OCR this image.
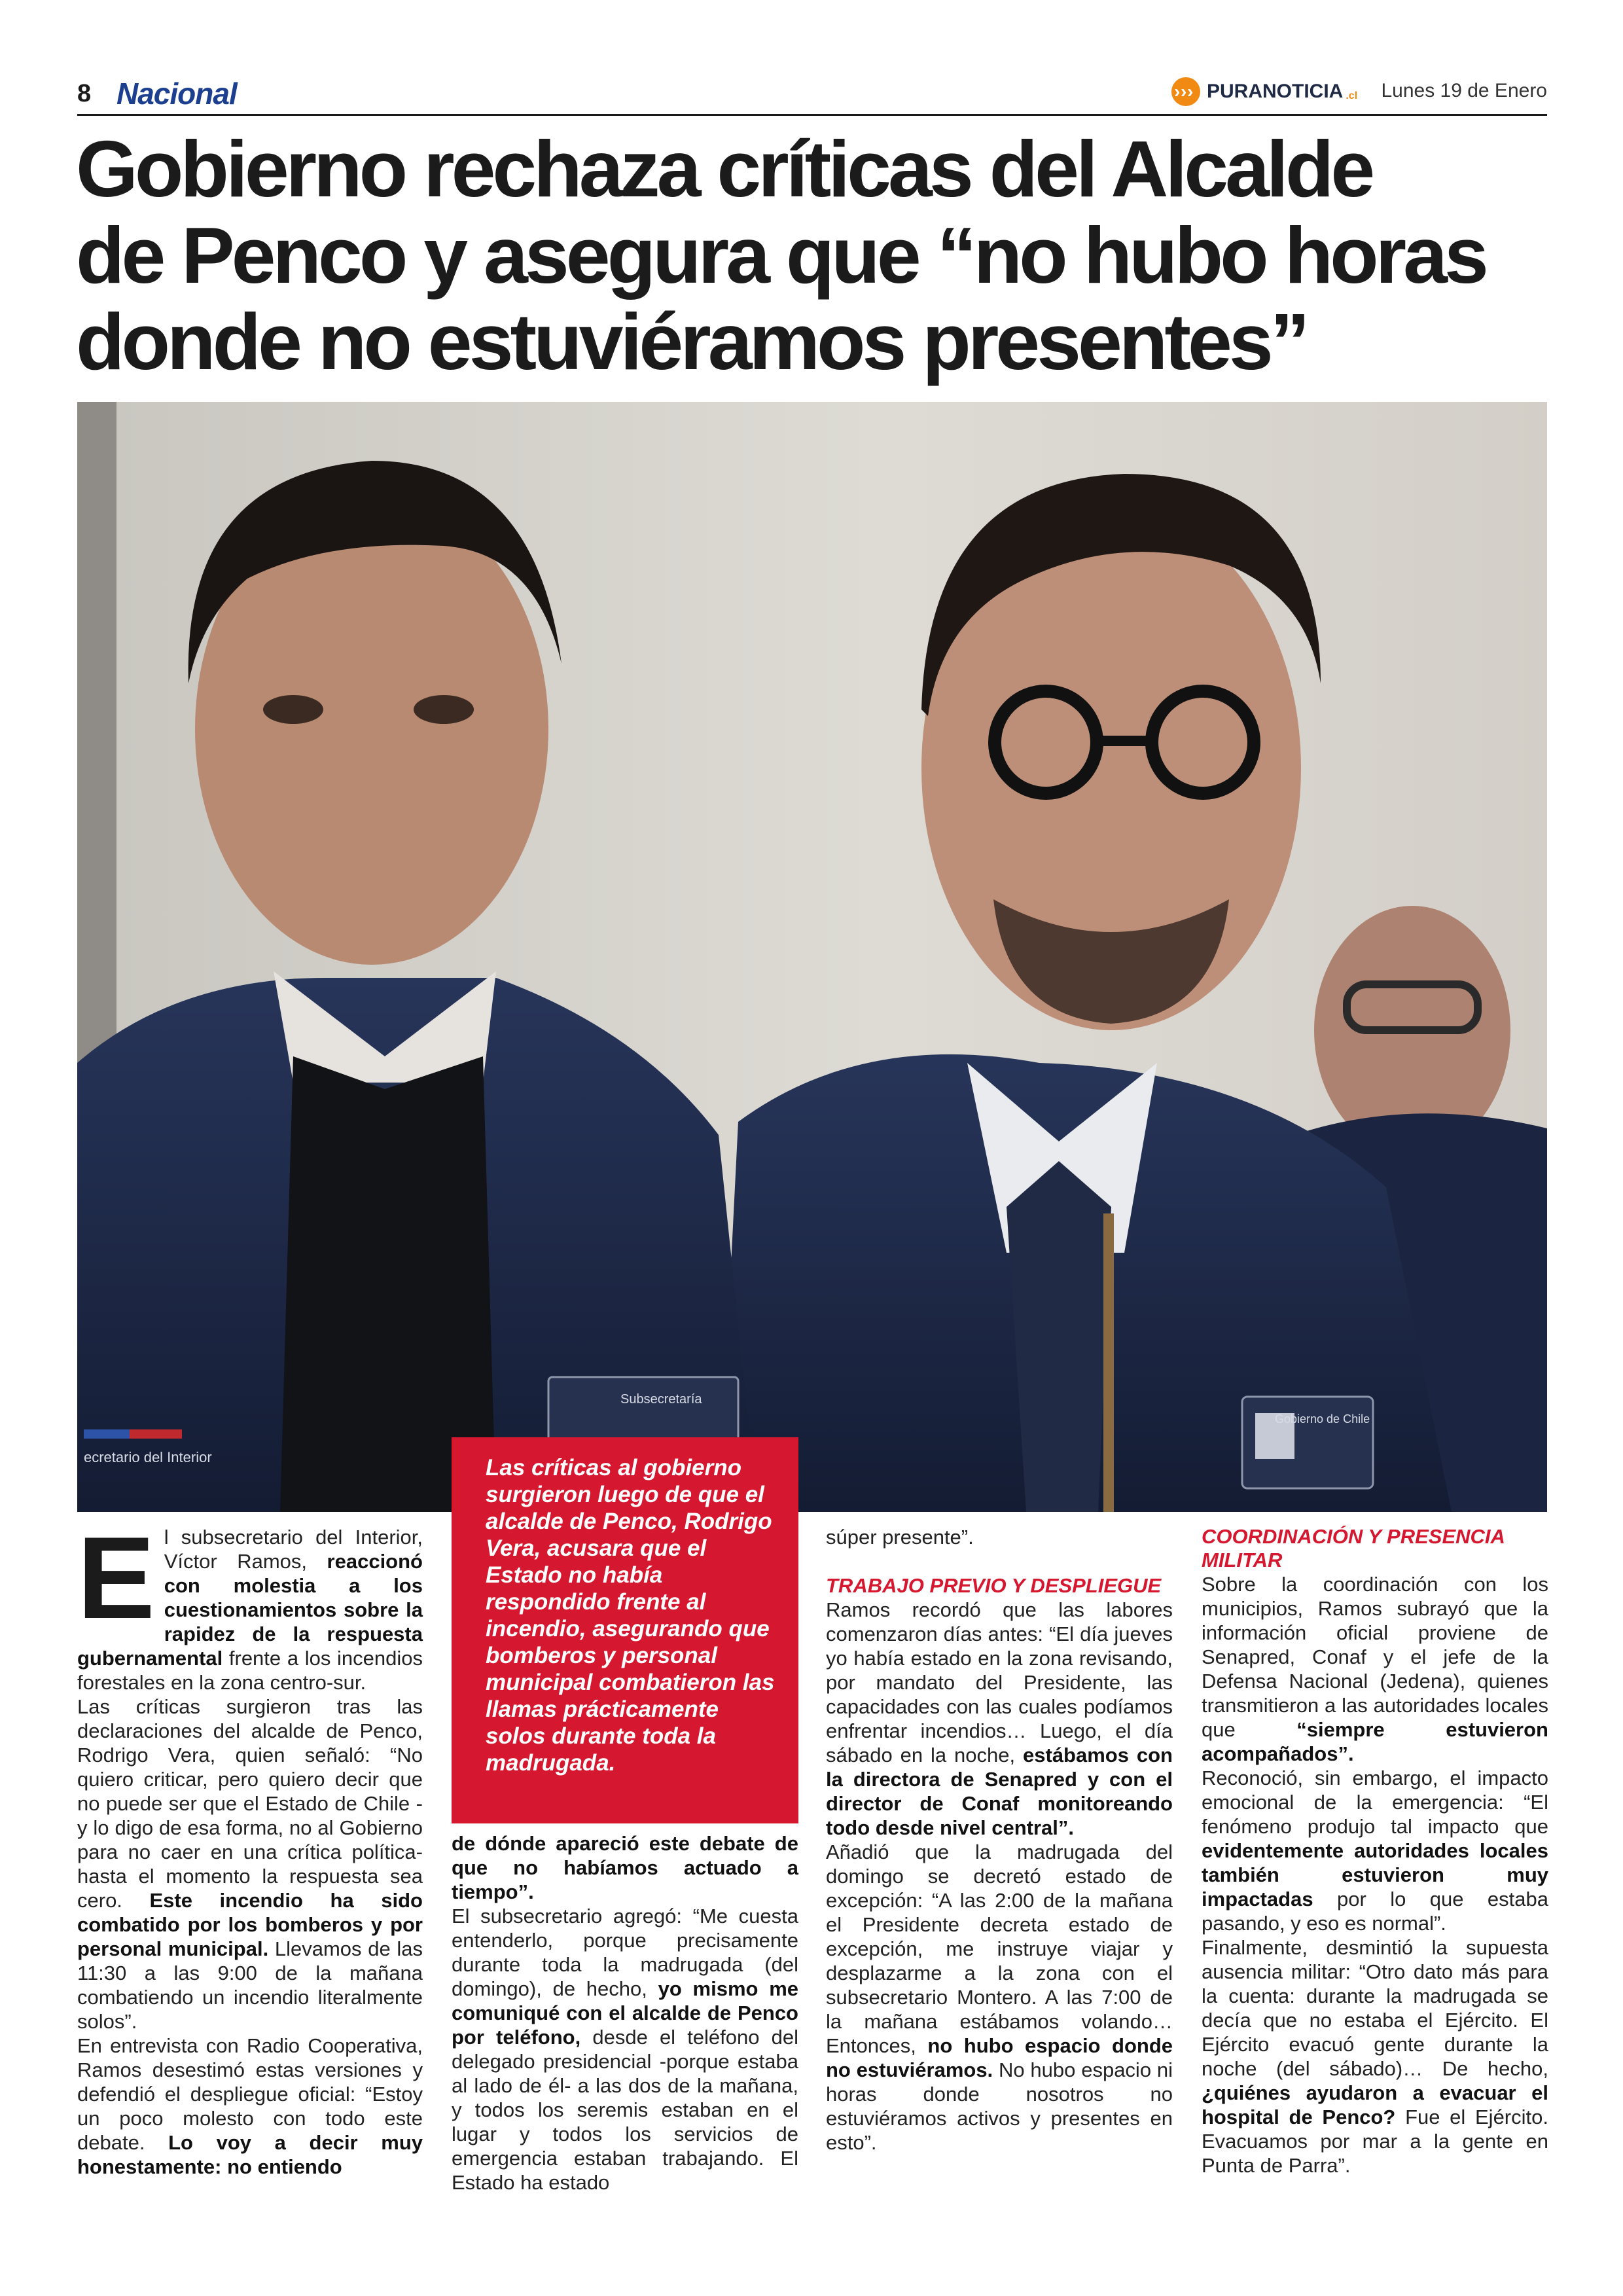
8 Nacional	› › › PURANOTICIA .cl Lunes 19 de Enero
Gobierno rechaza críticas del Alcalde
de Penco y asegura que “no hubo horas
donde no estuviéramos presentes”
ecretario del Interior
Subsecretaría
Gobierno de Chile
Las críticas al gobierno surgieron luego de que el alcalde de Penco, Rodrigo Vera, acusara que el Estado no había respondido frente al incendio, asegurando que bomberos y personal municipal combatieron las llamas prácticamente solos durante toda la madrugada.

El subsecretario del Interior, Víctor Ramos, reaccionó con molestia a los cuestionamientos sobre la rapidez de la respuesta gubernamental frente a los incendios forestales en la zona centro-sur.

Las críticas surgieron tras las declaraciones del alcalde de Penco, Rodrigo Vera, quien señaló: “No quiero criticar, pero quiero decir que no puede ser que el Estado de Chile -y lo digo de esa forma, no al Gobierno para no caer en una crítica política- hasta el momento la respuesta sea cero. Este incendio ha sido combatido por los bomberos y por personal municipal. Llevamos de las 11:30 a las 9:00 de la mañana combatiendo un incendio literalmente solos”.

En entrevista con Radio Cooperativa, Ramos desestimó estas versiones y defendió el despliegue oficial: “Estoy un poco molesto con todo este debate. Lo voy a decir muy honestamente: no entiendo

de dónde apareció este debate de que no habíamos actuado a tiempo”.

El subsecretario agregó: “Me cuesta entenderlo, porque precisamente durante toda la madrugada (del domingo), de hecho, yo mismo me comuniqué con el alcalde de Penco por teléfono, desde el teléfono del delegado presidencial -porque estaba al lado de él- a las dos de la mañana, y todos los seremis estaban en el lugar y todos los servicios de emergencia estaban trabajando. El Estado ha estado

súper presente”.

TRABAJO PREVIO Y DESPLIEGUE

Ramos recordó que las labores comenzaron días antes: “El día jueves yo había estado en la zona revisando, por mandato del Presidente, las capacidades con las cuales podíamos enfrentar incendios… Luego, el día sábado en la noche, estábamos con la directora de Senapred y con el director de Conaf monitoreando todo desde nivel central”.

Añadió que la madrugada del domingo se decretó estado de excepción: “A las 2:00 de la mañana el Presidente decreta estado de excepción, me instruye viajar y desplazarme a la zona con el subsecretario Montero. A las 7:00 de la mañana estábamos volando… Entonces, no hubo espacio donde no estuviéramos. No hubo espacio ni horas donde nosotros no estuviéramos activos y presentes en esto”.

COORDINACIÓN Y PRESENCIA MILITAR

Sobre la coordinación con los municipios, Ramos subrayó que la información oficial proviene de Senapred, Conaf y el jefe de la Defensa Nacional (Jedena), quienes transmitieron a las autoridades locales que “siempre estuvieron acompañados”.

Reconoció, sin embargo, el impacto emocional de la emergencia: “El fenómeno produjo tal impacto que evidentemente autoridades locales también estuvieron muy impactadas por lo que estaba pasando, y eso es normal”.

Finalmente, desmintió la supuesta ausencia militar: “Otro dato más para la cuenta: durante la madrugada se decía que no estaba el Ejército. El Ejército evacuó gente durante la noche (del sábado)… De hecho, ¿quiénes ayudaron a evacuar el hospital de Penco? Fue el Ejército. Evacuamos por mar a la gente en Punta de Parra”.
